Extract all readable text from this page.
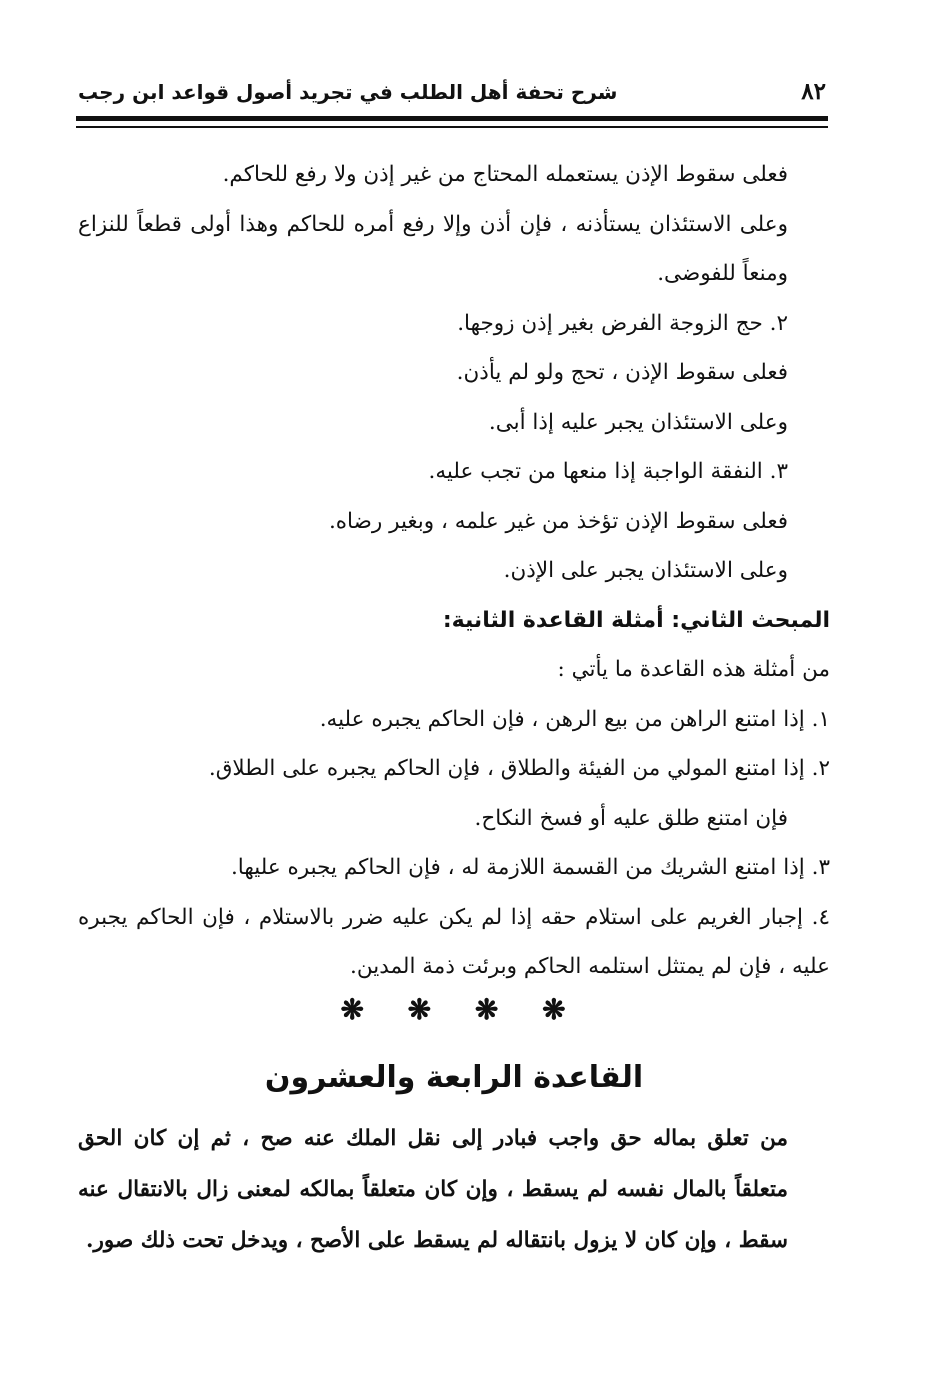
٨٢
شرح تحفة أهل الطلب في تجريد أصول قواعد ابن رجب

فعلى سقوط الإذن يستعمله المحتاج من غير إذن ولا رفع للحاكم.

وعلى الاستئذان يستأذنه ، فإن أذن وإلا رفع أمره للحاكم وهذا أولى قطعاً للنزاع ومنعاً للفوضى.

٢. حج الزوجة الفرض بغير إذن زوجها.

فعلى سقوط الإذن ، تحج ولو لم يأذن.

وعلى الاستئذان يجبر عليه إذا أبى.

٣. النفقة الواجبة إذا منعها من تجب عليه.

فعلى سقوط الإذن تؤخذ من غير علمه ، وبغير رضاه.

وعلى الاستئذان يجبر على الإذن.

المبحث الثاني: أمثلة القاعدة الثانية:

من أمثلة هذه القاعدة ما يأتي :

١. إذا امتنع الراهن من بيع الرهن ، فإن الحاكم يجبره عليه.

٢. إذا امتنع المولي من الفيئة والطلاق ، فإن الحاكم يجبره على الطلاق.

فإن امتنع طلق عليه أو فسخ النكاح.

٣. إذا امتنع الشريك من القسمة اللازمة له ، فإن الحاكم يجبره عليها.

٤. إجبار الغريم على استلام حقه إذا لم يكن عليه ضرر بالاستلام ، فإن الحاكم يجبره عليه ، فإن لم يمتثل استلمه الحاكم وبرئت ذمة المدين.

❋ ❋ ❋ ❋
القاعدة الرابعة والعشرون

من تعلق بماله حق واجب فبادر إلى نقل الملك عنه صح ، ثم إن كان الحق متعلقاً بالمال نفسه لم يسقط ، وإن كان متعلقاً بمالكه لمعنى زال بالانتقال عنه سقط ، وإن كان لا يزول بانتقاله لم يسقط على الأصح ، ويدخل تحت ذلك صور.
